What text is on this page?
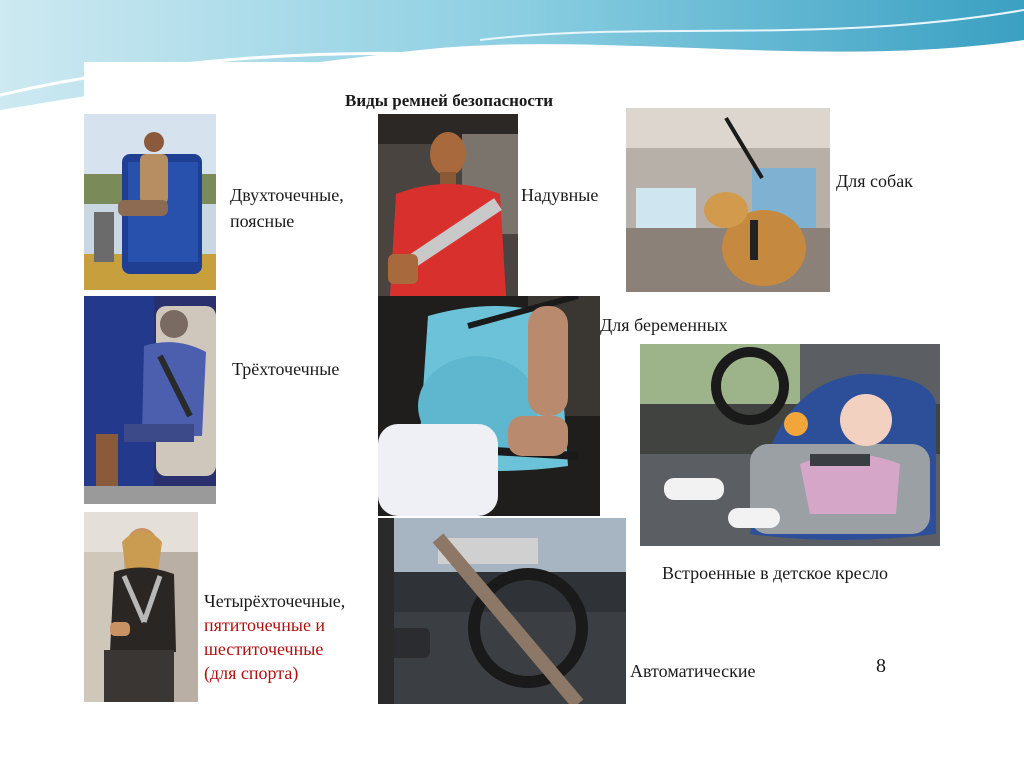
Виды ремней безопасности
Двухточечные,
поясные
Надувные
Для собак
Трёхточечные
Для беременных
Встроенные в детское кресло
Четырёхточечные,
пятиточечные и
шеститочечные
(для спорта)	Автоматические	8
